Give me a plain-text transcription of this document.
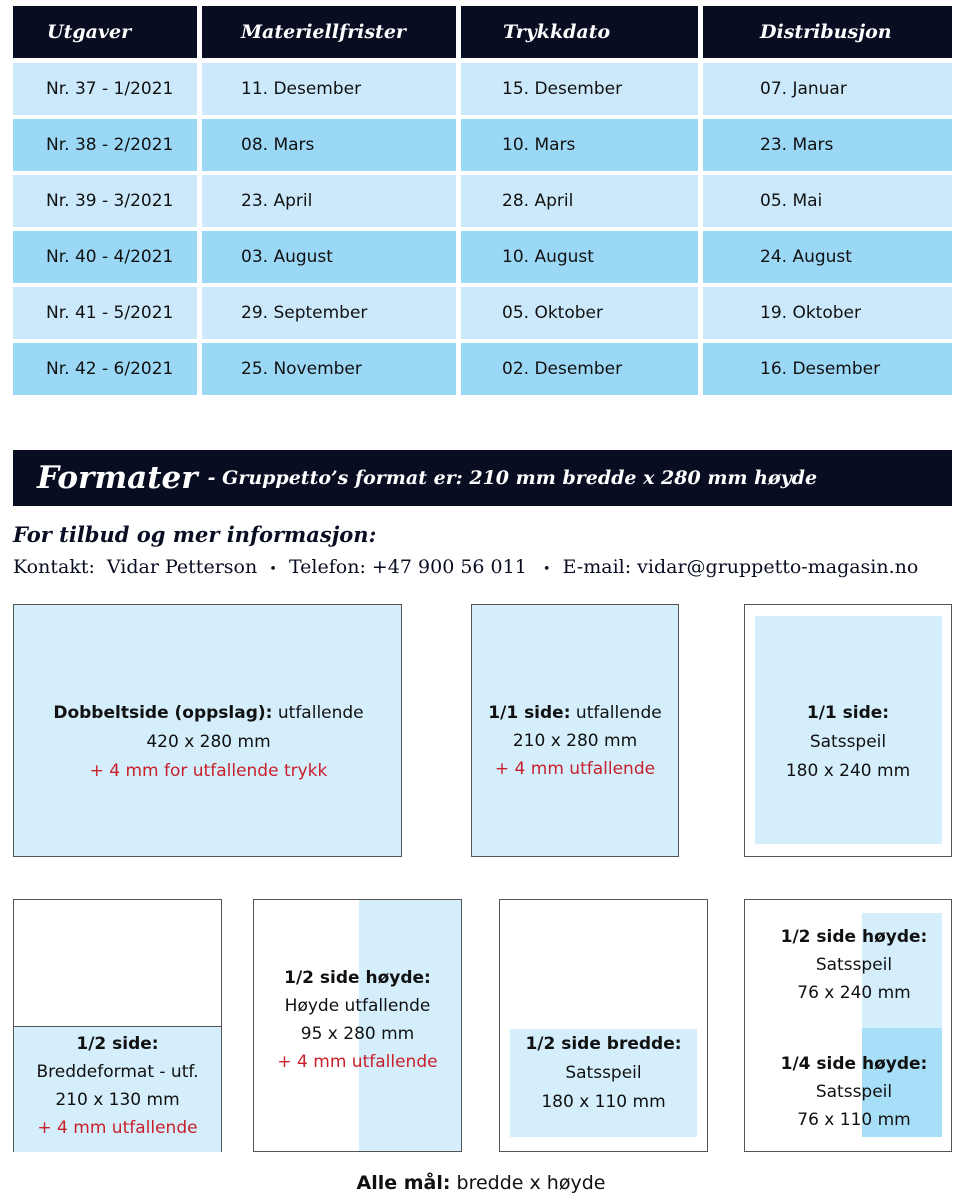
Utgaver	Materiellfrister	Trykkdato	Distribusjon
Nr. 37 - 1/2021	11. Desember	15. Desember	07. Januar
Nr. 38 - 2/2021	08. Mars	10. Mars	23. Mars
Nr. 39 - 3/2021	23. April	28. April	05. Mai
Nr. 40 - 4/2021	03. August	10. August	24. August
Nr. 41 - 5/2021	29. September	05. Oktober	19. Oktober
Nr. 42 - 6/2021	25. November	02. Desember	16. Desember
Formater - Gruppetto’s format er: 210 mm bredde x 280 mm høyde
For tilbud og mer informasjon:
Kontakt: Vidar Petterson • Telefon: +47 900 56 011 • E-mail: vidar@gruppetto-magasin.no
Dobbeltside (oppslag): utfallende
420 x 280 mm
+ 4 mm for utfallende trykk
1/1 side: utfallende
210 x 280 mm
+ 4 mm utfallende
1/1 side:
Satsspeil
180 x 240 mm
1/2 side:
Breddeformat - utf.
210 x 130 mm
+ 4 mm utfallende
1/2 side høyde:
Høyde utfallende
95 x 280 mm
+ 4 mm utfallende
1/2 side bredde:
Satsspeil
180 x 110 mm
1/2 side høyde:
Satsspeil
76 x 240 mm
1/4 side høyde:
Satsspeil
76 x 110 mm
Alle mål: bredde x høyde
